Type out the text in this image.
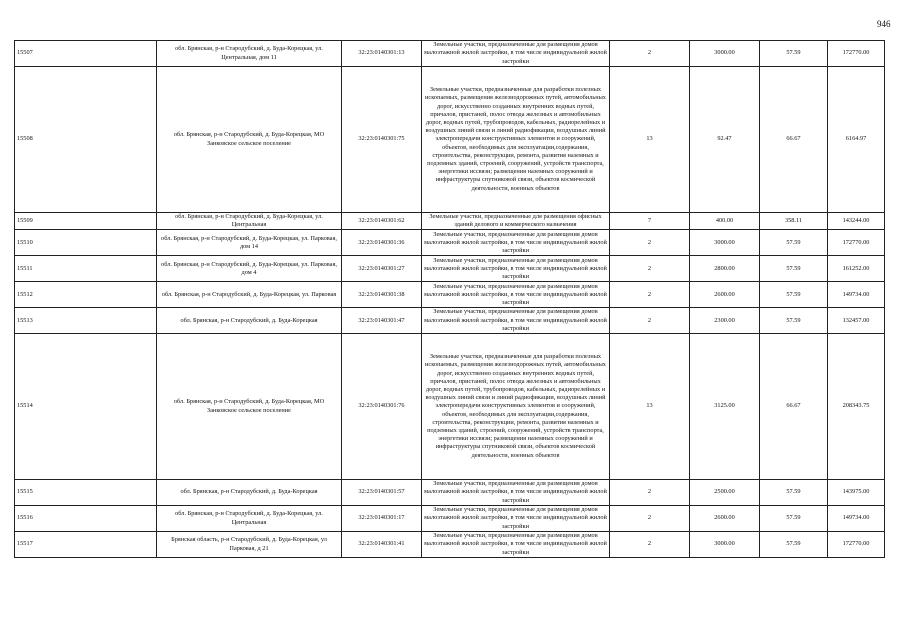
946
15507	обл. Брянская, р-н Стародубский, д. Буда-Корецкая, ул. Центральная, дом 11	32:23:0140301:13	Земельные участки, предназначенные для размещения домов малоэтажной жилой застройки, в том числе индивидуальной жилой застройки	2	3000.00	57.59	172770.00
15508	обл. Брянская, р-н Стародубский, д. Буда-Корецкая, МО Занковское сельское поселение	32:23:0140301:75	Земельные участки, предназначенные для разработки полезных ископаемых, размещения железнодорожных путей, автомобильных дорог, искусственно созданных внутренних водных путей, причалов, пристаней, полос отвода железных и автомобильных дорог, водных путей, трубопроводов, кабельных, радиорелейных и воздушных линий связи и линий радиофикации, воздушных линий электропередачи конструктивных элементов и сооружений, объектов, необходимых для эксплуатации,содержания, строительства, реконструкции, ремонта, развития наземных и подземных зданий, строений, сооружений, устройств транспорта, энергетики иссвязи; размещения наземных сооружений и инфраструктуры спутниковой связи, объектов космической деятельности, военных объектов	13	92.47	66.67	6164.97
15509	обл. Брянская, р-н Стародубский, д. Буда-Корецкая, ул. Центральная	32:23:0140301:62	Земельные участки, предназначенные для размещения офисных зданий делового и коммерческого назначения	7	400.00	358.11	143244.00
15510	обл. Брянская, р-н Стародубский, д. Буда-Корецкая, ул. Парковая, дом 14	32:23:0140301:36	Земельные участки, предназначенные для размещения домов малоэтажной жилой застройки, в том числе индивидуальной жилой застройки	2	3000.00	57.59	172770.00
15511	обл. Брянская, р-н Стародубский, д. Буда-Корецкая, ул. Парковая, дом 4	32:23:0140301:27	Земельные участки, предназначенные для размещения домов малоэтажной жилой застройки, в том числе индивидуальной жилой застройки	2	2800.00	57.59	161252.00
15512	обл. Брянская, р-н Стародубский, д. Буда-Корецкая, ул. Парковая	32:23:0140301:38	Земельные участки, предназначенные для размещения домов малоэтажной жилой застройки, в том числе индивидуальной жилой застройки	2	2600.00	57.59	149734.00
15513	обл. Брянская, р-н Стародубский, д. Буда-Корецкая	32:23:0140301:47	Земельные участки, предназначенные для размещения домов малоэтажной жилой застройки, в том числе индивидуальной жилой застройки	2	2300.00	57.59	132457.00
15514	обл. Брянская, р-н Стародубский, д. Буда-Корецкая, МО Занковское сельское поселение	32:23:0140301:76	Земельные участки, предназначенные для разработки полезных ископаемых, размещения железнодорожных путей, автомобильных дорог, искусственно созданных внутренних водных путей, причалов, пристаней, полос отвода железных и автомобильных дорог, водных путей, трубопроводов, кабельных, радиорелейных и воздушных линий связи и линий радиофикации, воздушных линий электропередачи конструктивных элементов и сооружений, объектов, необходимых для эксплуатации,содержания, строительства, реконструкции, ремонта, развития наземных и подземных зданий, строений, сооружений, устройств транспорта, энергетики иссвязи; размещения наземных сооружений и инфраструктуры спутниковой связи, объектов космической деятельности, военных объектов	13	3125.00	66.67	208343.75
15515	обл. Брянская, р-н Стародубский, д. Буда-Корецкая	32:23:0140301:57	Земельные участки, предназначенные для размещения домов малоэтажной жилой застройки, в том числе индивидуальной жилой застройки	2	2500.00	57.59	143975.00
15516	обл. Брянская, р-н Стародубский, д. Буда-Корецкая, ул. Центральная	32:23:0140301:17	Земельные участки, предназначенные для размещения домов малоэтажной жилой застройки, в том числе индивидуальной жилой застройки	2	2600.00	57.59	149734.00
15517	Брянская область, р-н Стародубский, д. Буда-Корецкая, ул Парковая, д 21	32:23:0140301:41	Земельные участки, предназначенные для размещения домов малоэтажной жилой застройки, в том числе индивидуальной жилой застройки	2	3000.00	57.59	172770.00
